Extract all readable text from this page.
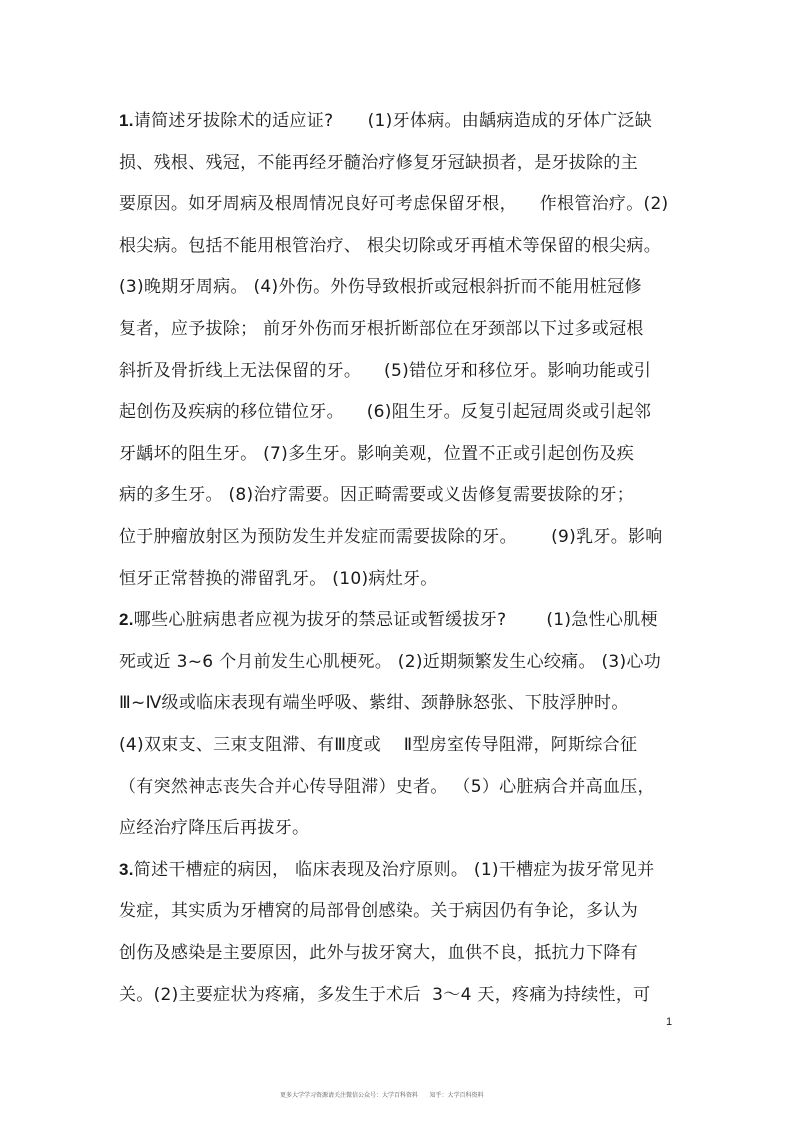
1.请简述牙拔除术的适应证?      (1)牙体病。由龋病造成的牙体广泛缺
损、残根、残冠，不能再经牙髓治疗修复牙冠缺损者，是牙拔除的主
要原因。如牙周病及根周情况良好可考虑保留牙根，    作根管治疗。(2)
根尖病。包括不能用根管治疗、 根尖切除或牙再植术等保留的根尖病。
(3)晚期牙周病。 (4)外伤。外伤导致根折或冠根斜折而不能用桩冠修
复者，应予拔除； 前牙外伤而牙根折断部位在牙颈部以下过多或冠根
斜折及骨折线上无法保留的牙。    (5)错位牙和移位牙。影响功能或引
起创伤及疾病的移位错位牙。    (6)阻生牙。反复引起冠周炎或引起邻
牙龋坏的阻生牙。 (7)多生牙。影响美观，位置不正或引起创伤及疾
病的多生牙。 (8)治疗需要。因正畸需要或义齿修复需要拔除的牙；
位于肿瘤放射区为预防发生并发症而需要拔除的牙。      (9)乳牙。影响
恒牙正常替换的滞留乳牙。 (10)病灶牙。
2.哪些心脏病患者应视为拔牙的禁忌证或暂缓拔牙?       (1)急性心肌梗
死或近 3~6 个月前发生心肌梗死。 (2)近期频繁发生心绞痛。 (3)心功
Ⅲ~Ⅳ级或临床表现有端坐呼吸、紫绀、颈静脉怒张、下肢浮肿时。
(4)双束支、三束支阻滞、有Ⅲ度或    Ⅱ型房室传导阻滞，阿斯综合征
（有突然神志丧失合并心传导阻滞）史者。 （5）心脏病合并高血压，
应经治疗降压后再拔牙。
3.简述干槽症的病因， 临床表现及治疗原则。 (1)干槽症为拔牙常见并
发症，其实质为牙槽窝的局部骨创感染。关于病因仍有争论，多认为
创伤及感染是主要原因，此外与拔牙窝大，血供不良，抵抗力下降有
关。(2)主要症状为疼痛，多发生于术后  3～4 天，疼痛为持续性，可
1
更多大学学习资源请关注微信公众号：大学百科资料      知乎：大学百科资料
